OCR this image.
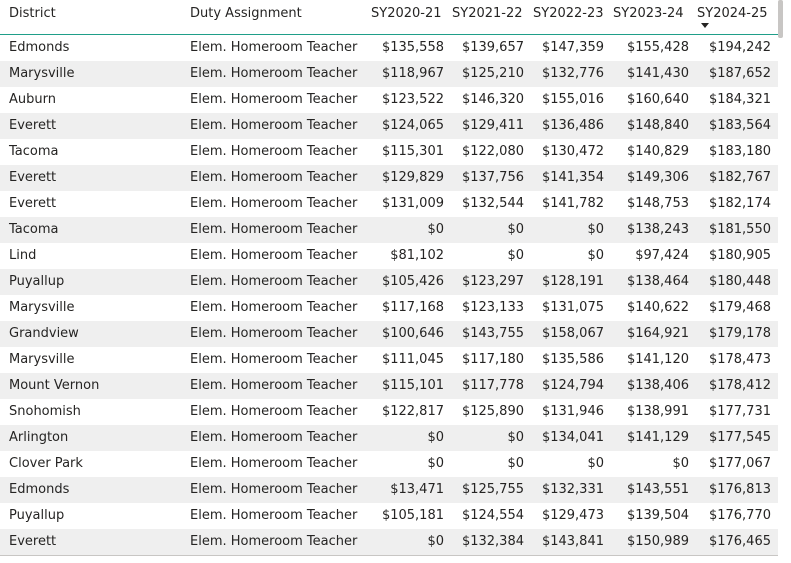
District	Duty Assignment	SY2020-21 SY2021-22 SY2022-23 SY2023-24 SY2024-25
Edmonds	Elem. Homeroom Teacher	$135,558	$139,657	$147,359	$155,428	$194,242
Marysville	Elem. Homeroom Teacher	$118,967	$125,210	$132,776	$141,430	$187,652
Auburn	Elem. Homeroom Teacher	$123,522	$146,320	$155,016	$160,640	$184,321
Everett	Elem. Homeroom Teacher	$124,065	$129,411	$136,486	$148,840	$183,564
Tacoma	Elem. Homeroom Teacher	$115,301	$122,080	$130,472	$140,829	$183,180
Everett	Elem. Homeroom Teacher	$129,829	$137,756	$141,354	$149,306	$182,767
Everett	Elem. Homeroom Teacher	$131,009	$132,544	$141,782	$148,753	$182,174
Tacoma	Elem. Homeroom Teacher	$0	$0	$0	$138,243	$181,550
Lind	Elem. Homeroom Teacher	$81,102	$0	$0	$97,424	$180,905
Puyallup	Elem. Homeroom Teacher	$105,426	$123,297	$128,191	$138,464	$180,448
Marysville	Elem. Homeroom Teacher	$117,168	$123,133	$131,075	$140,622	$179,468
Grandview	Elem. Homeroom Teacher	$100,646	$143,755	$158,067	$164,921	$179,178
Marysville	Elem. Homeroom Teacher	$111,045	$117,180	$135,586	$141,120	$178,473
Mount Vernon	Elem. Homeroom Teacher	$115,101	$117,778	$124,794	$138,406	$178,412
Snohomish	Elem. Homeroom Teacher	$122,817	$125,890	$131,946	$138,991	$177,731
Arlington	Elem. Homeroom Teacher	$0	$0	$134,041	$141,129	$177,545
Clover Park	Elem. Homeroom Teacher	$0	$0	$0	$0	$177,067
Edmonds	Elem. Homeroom Teacher	$13,471	$125,755	$132,331	$143,551	$176,813
Puyallup	Elem. Homeroom Teacher	$105,181	$124,554	$129,473	$139,504	$176,770
Everett	Elem. Homeroom Teacher	$0	$132,384	$143,841	$150,989	$176,465
